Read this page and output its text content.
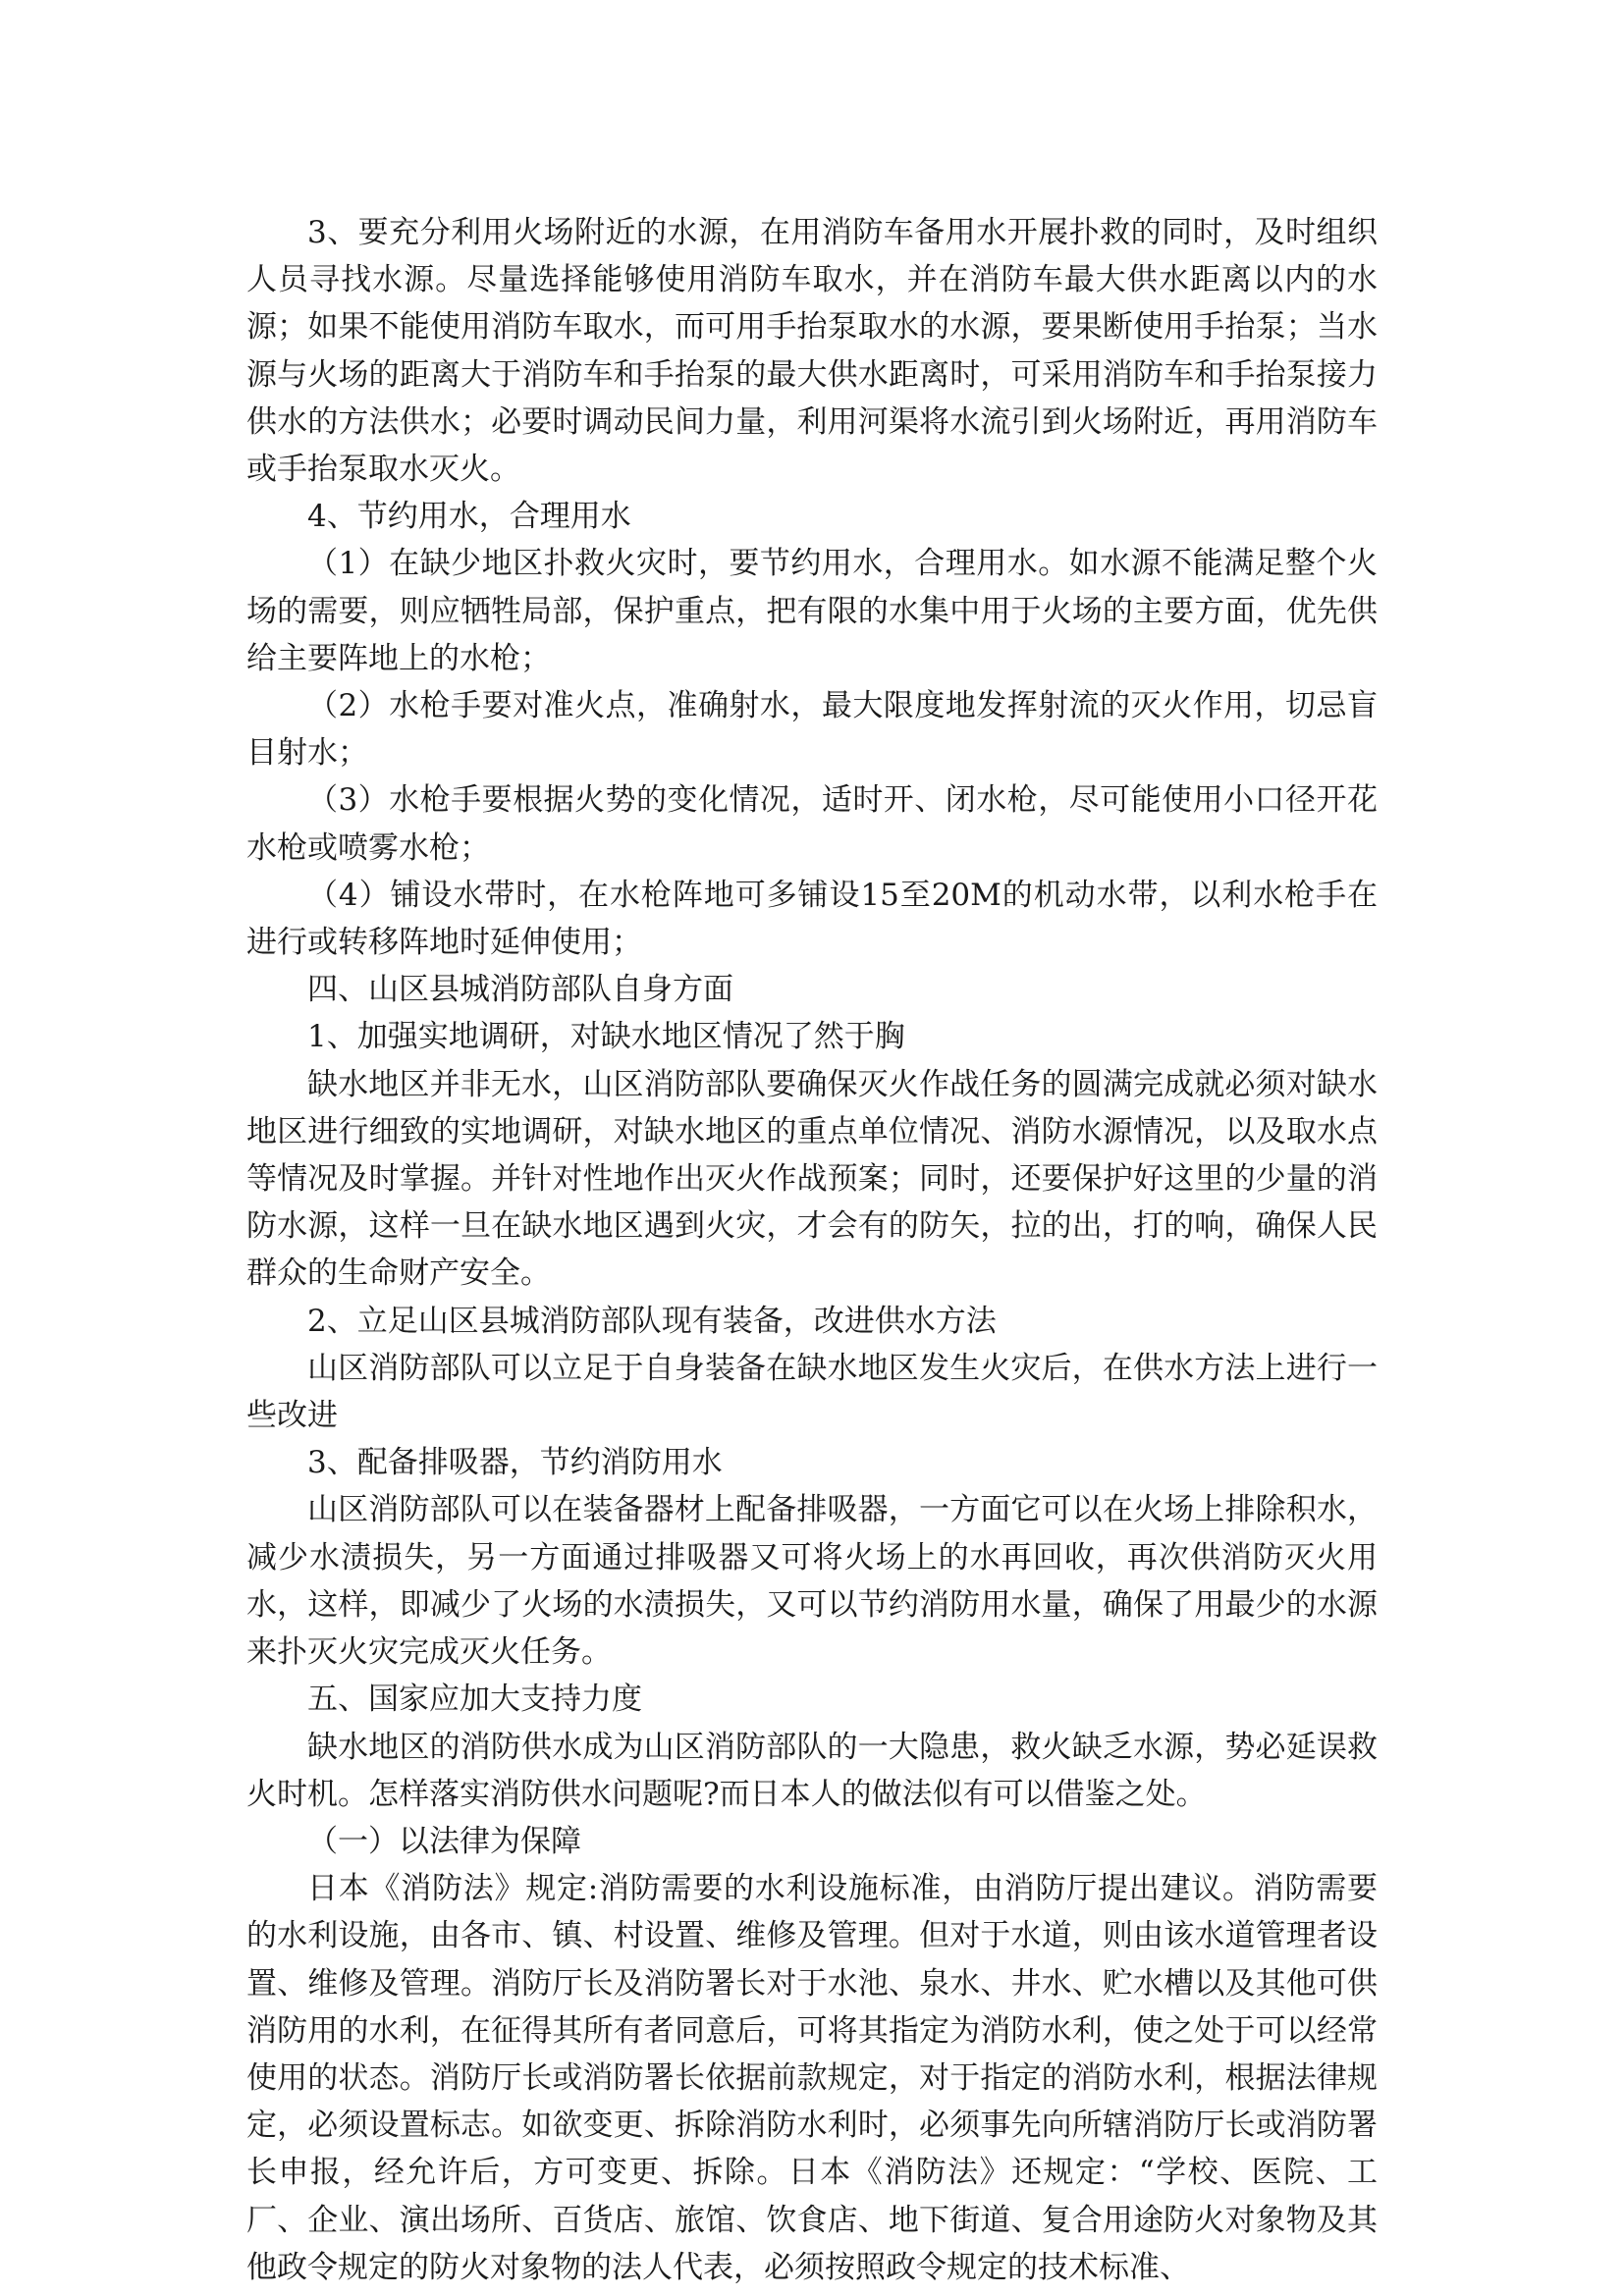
3、要充分利用火场附近的水源，在用消防车备用水开展扑救的同时，及时组织人员寻找水源。尽量选择能够使用消防车取水，并在消防车最大供水距离以内的水源；如果不能使用消防车取水，而可用手抬泵取水的水源，要果断使用手抬泵；当水源与火场的距离大于消防车和手抬泵的最大供水距离时，可采用消防车和手抬泵接力供水的方法供水；必要时调动民间力量，利用河渠将水流引到火场附近，再用消防车或手抬泵取水灭火。

4、节约用水，合理用水

（1）在缺少地区扑救火灾时，要节约用水，合理用水。如水源不能满足整个火场的需要，则应牺牲局部，保护重点，把有限的水集中用于火场的主要方面，优先供给主要阵地上的水枪；

（2）水枪手要对准火点，准确射水，最大限度地发挥射流的灭火作用，切忌盲目射水；

（3）水枪手要根据火势的变化情况，适时开、闭水枪，尽可能使用小口径开花水枪或喷雾水枪；

（4）铺设水带时，在水枪阵地可多铺设15至20M的机动水带，以利水枪手在进行或转移阵地时延伸使用；

四、山区县城消防部队自身方面

1、加强实地调研，对缺水地区情况了然于胸

缺水地区并非无水，山区消防部队要确保灭火作战任务的圆满完成就必须对缺水地区进行细致的实地调研，对缺水地区的重点单位情况、消防水源情况，以及取水点等情况及时掌握。并针对性地作出灭火作战预案；同时，还要保护好这里的少量的消防水源，这样一旦在缺水地区遇到火灾，才会有的防矢，拉的出，打的响，确保人民群众的生命财产安全。

2、立足山区县城消防部队现有装备，改进供水方法

山区消防部队可以立足于自身装备在缺水地区发生火灾后，在供水方法上进行一些改进

3、配备排吸器，节约消防用水

山区消防部队可以在装备器材上配备排吸器，一方面它可以在火场上排除积水，减少水渍损失，另一方面通过排吸器又可将火场上的水再回收，再次供消防灭火用水，这样，即减少了火场的水渍损失，又可以节约消防用水量，确保了用最少的水源来扑灭火灾完成灭火任务。

五、国家应加大支持力度

缺水地区的消防供水成为山区消防部队的一大隐患，救火缺乏水源，势必延误救火时机。怎样落实消防供水问题呢?而日本人的做法似有可以借鉴之处。

（一）以法律为保障

日本《消防法》规定:消防需要的水利设施标准，由消防厅提出建议。消防需要的水利设施，由各市、镇、村设置、维修及管理。但对于水道，则由该水道管理者设置、维修及管理。消防厅长及消防署长对于水池、泉水、井水、贮水槽以及其他可供消防用的水利，在征得其所有者同意后，可将其指定为消防水利，使之处于可以经常使用的状态。消防厅长或消防署长依据前款规定，对于指定的消防水利，根据法律规定，必须设置标志。如欲变更、拆除消防水利时，必须事先向所辖消防厅长或消防署长申报，经允许后，方可变更、拆除。日本《消防法》还规定：“学校、医院、工厂、企业、演出场所、百货店、旅馆、饮食店、地下街道、复合用途防火对象物及其他政令规定的防火对象物的法人代表，必须按照政令规定的技术标准、
